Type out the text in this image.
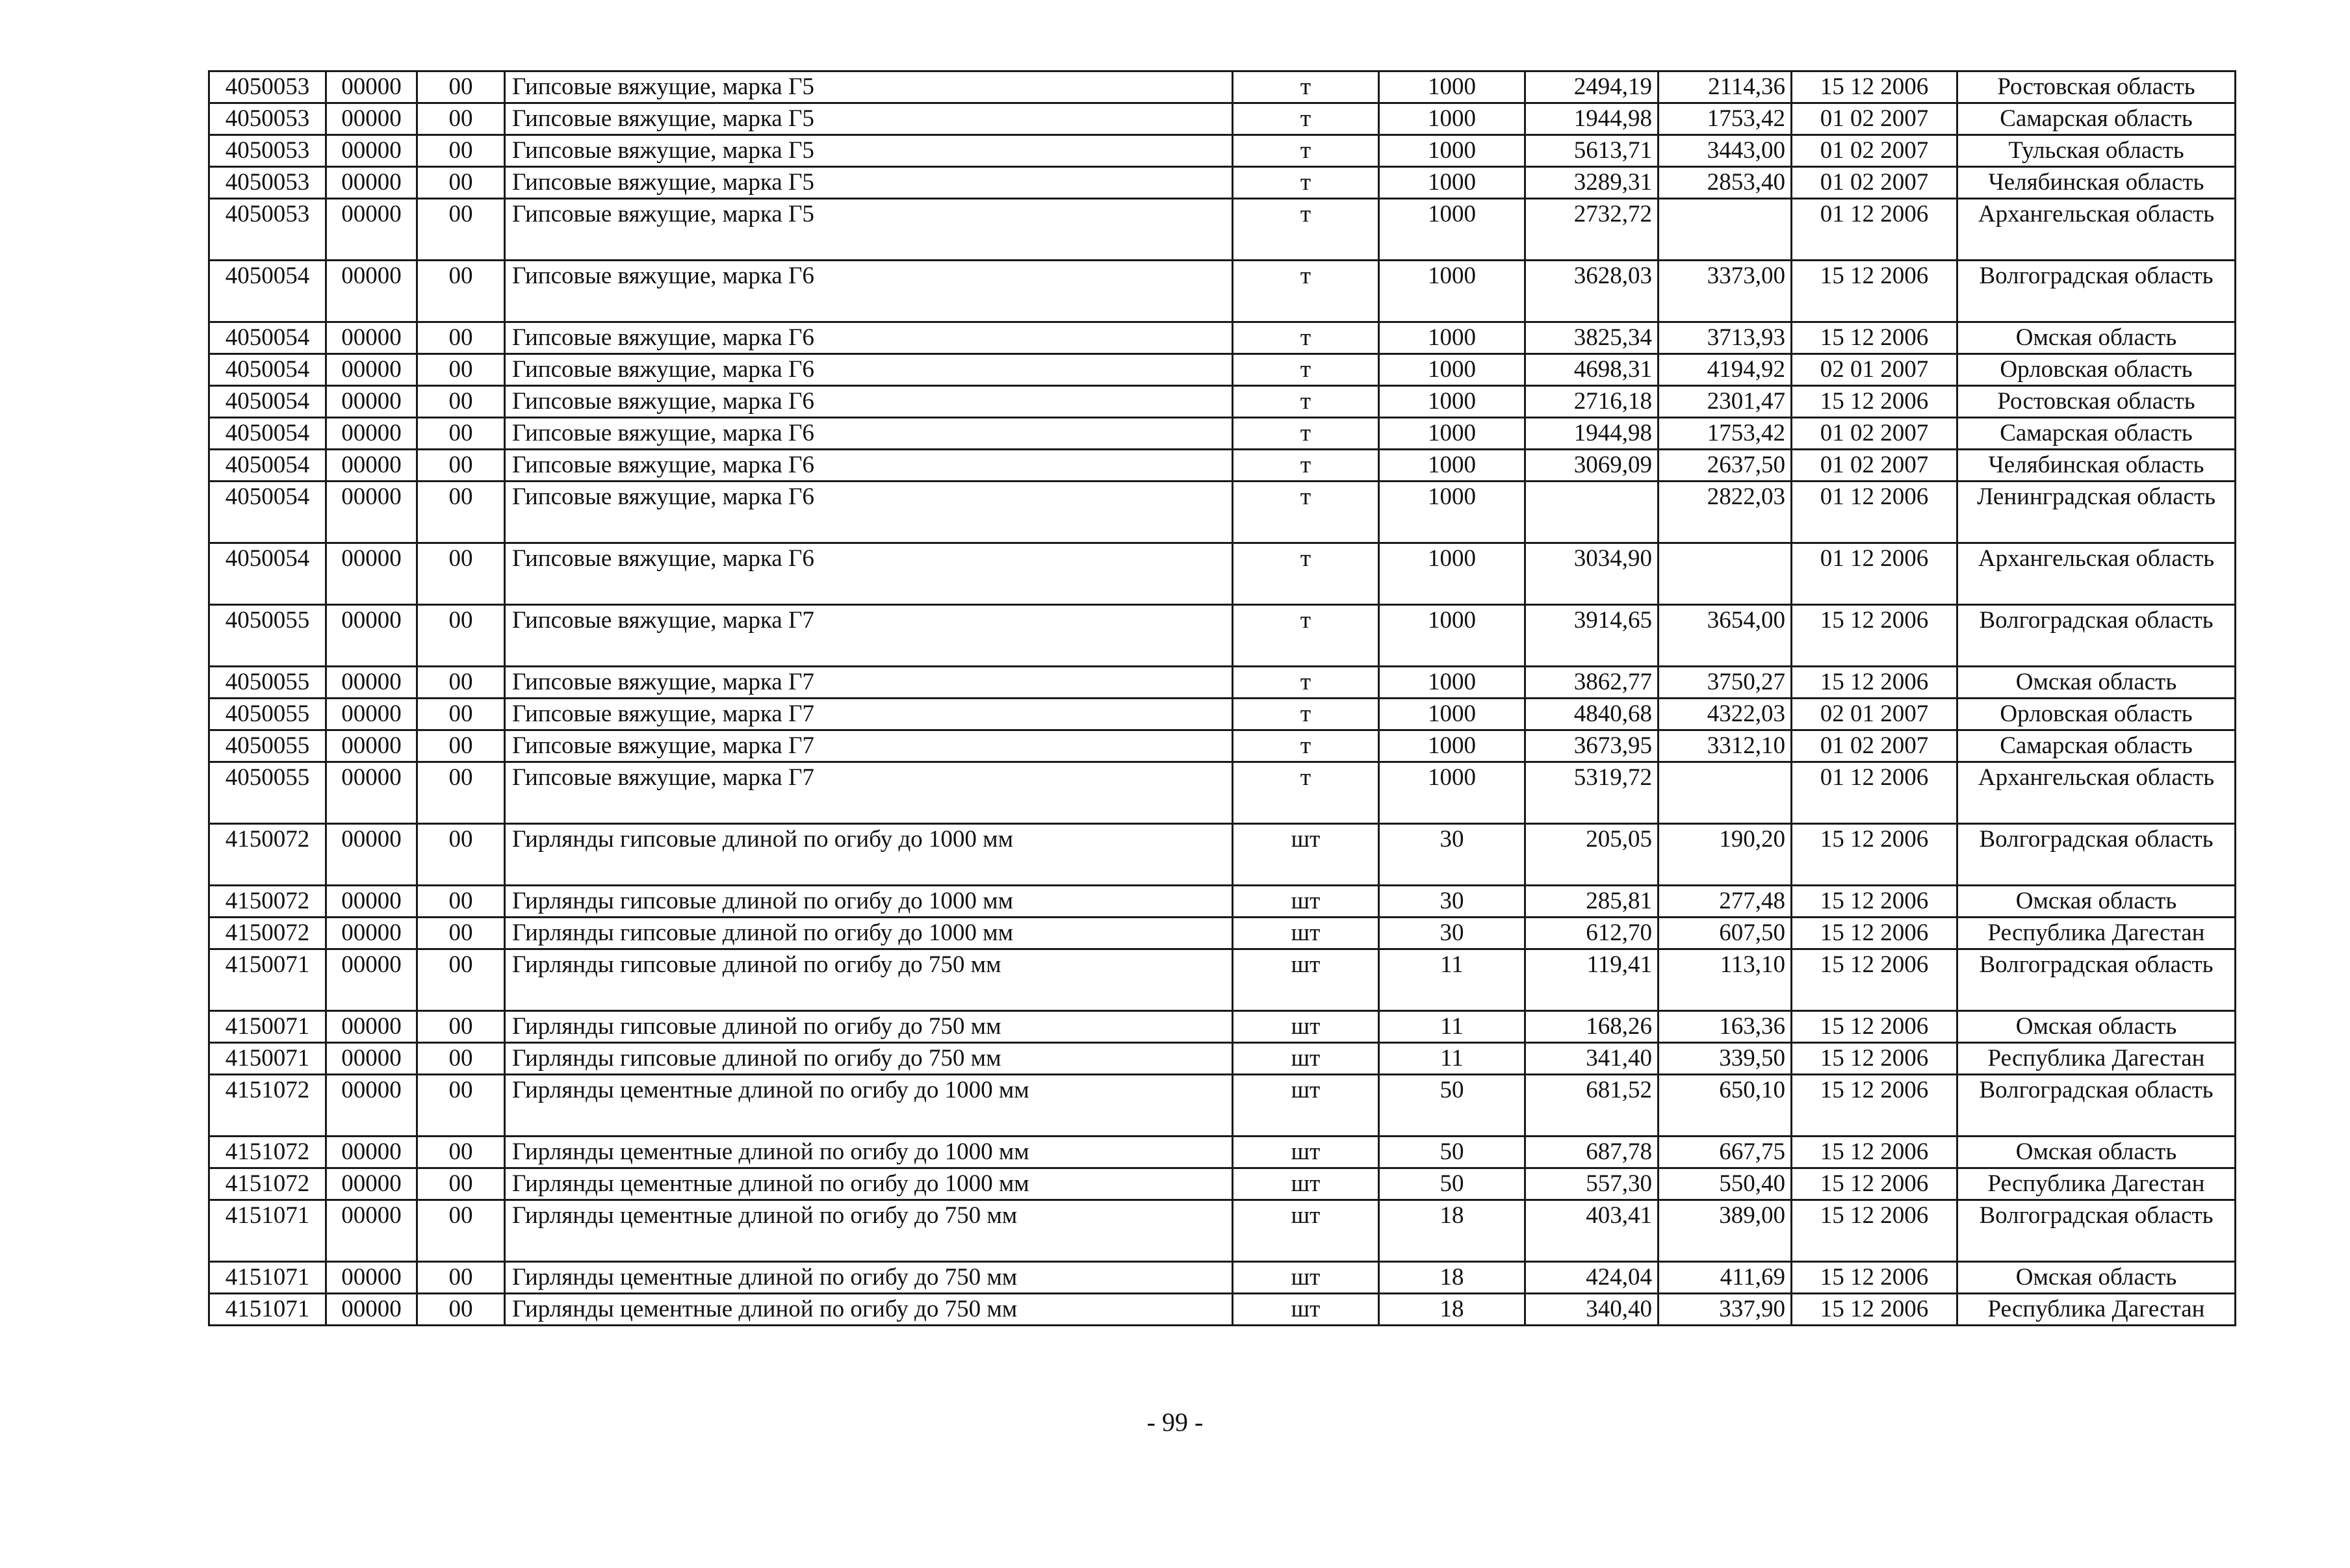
4050053	00000	00	Гипсовые вяжущие, марка Г5	т	1000	2494,19	2114,36	15 12 2006	Ростовская область
4050053	00000	00	Гипсовые вяжущие, марка Г5	т	1000	1944,98	1753,42	01 02 2007	Самарская область
4050053	00000	00	Гипсовые вяжущие, марка Г5	т	1000	5613,71	3443,00	01 02 2007	Тульская область
4050053	00000	00	Гипсовые вяжущие, марка Г5	т	1000	3289,31	2853,40	01 02 2007	Челябинская область
4050053	00000	00	Гипсовые вяжущие, марка Г5	т	1000	2732,72		01 12 2006	Архангельская область
4050054	00000	00	Гипсовые вяжущие, марка Г6	т	1000	3628,03	3373,00	15 12 2006	Волгоградская область
4050054	00000	00	Гипсовые вяжущие, марка Г6	т	1000	3825,34	3713,93	15 12 2006	Омская область
4050054	00000	00	Гипсовые вяжущие, марка Г6	т	1000	4698,31	4194,92	02 01 2007	Орловская область
4050054	00000	00	Гипсовые вяжущие, марка Г6	т	1000	2716,18	2301,47	15 12 2006	Ростовская область
4050054	00000	00	Гипсовые вяжущие, марка Г6	т	1000	1944,98	1753,42	01 02 2007	Самарская область
4050054	00000	00	Гипсовые вяжущие, марка Г6	т	1000	3069,09	2637,50	01 02 2007	Челябинская область
4050054	00000	00	Гипсовые вяжущие, марка Г6	т	1000		2822,03	01 12 2006	Ленинградская область
4050054	00000	00	Гипсовые вяжущие, марка Г6	т	1000	3034,90		01 12 2006	Архангельская область
4050055	00000	00	Гипсовые вяжущие, марка Г7	т	1000	3914,65	3654,00	15 12 2006	Волгоградская область
4050055	00000	00	Гипсовые вяжущие, марка Г7	т	1000	3862,77	3750,27	15 12 2006	Омская область
4050055	00000	00	Гипсовые вяжущие, марка Г7	т	1000	4840,68	4322,03	02 01 2007	Орловская область
4050055	00000	00	Гипсовые вяжущие, марка Г7	т	1000	3673,95	3312,10	01 02 2007	Самарская область
4050055	00000	00	Гипсовые вяжущие, марка Г7	т	1000	5319,72		01 12 2006	Архангельская область
4150072	00000	00	Гирлянды гипсовые длиной по огибу до 1000 мм	шт	30	205,05	190,20	15 12 2006	Волгоградская область
4150072	00000	00	Гирлянды гипсовые длиной по огибу до 1000 мм	шт	30	285,81	277,48	15 12 2006	Омская область
4150072	00000	00	Гирлянды гипсовые длиной по огибу до 1000 мм	шт	30	612,70	607,50	15 12 2006	Республика Дагестан
4150071	00000	00	Гирлянды гипсовые длиной по огибу до 750 мм	шт	11	119,41	113,10	15 12 2006	Волгоградская область
4150071	00000	00	Гирлянды гипсовые длиной по огибу до 750 мм	шт	11	168,26	163,36	15 12 2006	Омская область
4150071	00000	00	Гирлянды гипсовые длиной по огибу до 750 мм	шт	11	341,40	339,50	15 12 2006	Республика Дагестан
4151072	00000	00	Гирлянды цементные длиной по огибу до 1000 мм	шт	50	681,52	650,10	15 12 2006	Волгоградская область
4151072	00000	00	Гирлянды цементные длиной по огибу до 1000 мм	шт	50	687,78	667,75	15 12 2006	Омская область
4151072	00000	00	Гирлянды цементные длиной по огибу до 1000 мм	шт	50	557,30	550,40	15 12 2006	Республика Дагестан
4151071	00000	00	Гирлянды цементные длиной по огибу до 750 мм	шт	18	403,41	389,00	15 12 2006	Волгоградская область
4151071	00000	00	Гирлянды цементные длиной по огибу до 750 мм	шт	18	424,04	411,69	15 12 2006	Омская область
4151071	00000	00	Гирлянды цементные длиной по огибу до 750 мм	шт	18	340,40	337,90	15 12 2006	Республика Дагестан
- 99 -
